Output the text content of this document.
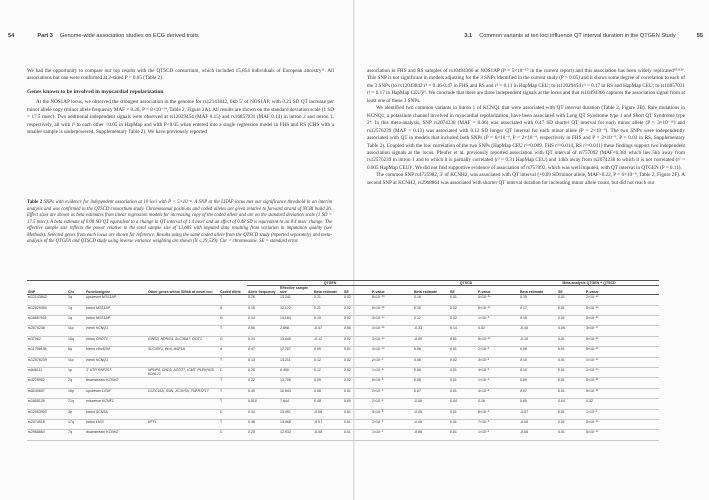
54	Part 3 Genome-wide association studies on ECG derived traits

We had the opportunity to compare our top results with the QTSCD consortium, which included 15,854 individuals of European ancestry¹¹. All associations but one were confirmed at 2-sided P < 0.05 (Table 2).

Genes known to be involved in myocardial repolarization

At the NOS1AP locus, we observed the strongest association in the genome for rs12143842, 6kb 5′ of NOS1AP, with 0.21 SD QT increase per minor allele copy (minor allele frequency MAF = 0.26, P = 8×10⁻¹⁹, Table 2, Figure 2A). All results are shown on the standard deviation scale (1 SD = 17.5 msec). Two additional independent signals were observed at rs12029454 (MAF 0.15) and rs16857031 (MAF 0.14) in intron 2 and intron 1, respectively, all with r² to each other <0.05 in HapMap and with P<0.05 when entered into a single regression model in FHS and RS (CHS with a smaller sample is underpowered, Supplementary Table 2). We have previously reported

Table 2 SNPs with evidence for independent association at 10 loci with P < 5×10⁻⁸. A SNP at the LITAF locus met our significance threshold in an interim analysis and was confirmed in the QTSCD consortium study. Chromosomal positions and coded alleles are given relative to forward strand of NCBI build 36. Effect sizes are shown as beta estimates from linear regression models for increasing copy of the coded allele and are on the standard deviation scale (1 SD = 17.5 msec). A beta estimate of 0.08 SD QT equivalent to a change in QT interval of 1.4 msec and an effect of 0.48 SD is equivalent to an 8.4 msec change. The effective sample size reflects the power relative to the total sample size of 13,685 with imputed data resulting from variation in imputation quality (see Methods). Selected genes from each locus are shown for reference. Results using the same coded allele from the QTSCD study (reported separately) and meta-analysis of the QTGEN and QTSCD study using inverse variance weighting are shown (N ≤ 29,539). Chr = chromosome. SE = standard error.
3.1 Common variants at ten loci influence QT interval duration in the QTGEN Study	55

association in FHS and RS samples of rs10494366 at NOS1AP (P = 5×10⁻¹⁰ in the current report) and this association has been widely replicated¹⁰²¹²⁶. This SNP is not significant in models adjusting for the 3 SNPs identified in the current study (P > 0.05) and it shows some degree of correlation to each of the 3 SNPs (to rs12043842 r² = 0.46-0.47 in FHS and RS and r² = 0.11 in HapMap CEU; to rs12029454 r² = 0.17 in RS and HapMap CEU; to rs16857031 r² = 0.17 in HapMap CEU)²⁶. We conclude that there are three independent signals at the locus and that rs10494366 captures the association signal from at least one of these 3 SNPs.

We identified two common variants in intron 1 of KCNQ1 that were associated with QT interval duration (Table 2, Figure 2B). Rare mutations in KCNQ1, a potassium channel involved in myocardial repolarization, have been associated with Long QT Syndrome type 1 and Short QT Syndrome type 2⁴. In this meta-analysis, SNP rs2074238 (MAF = 0.06) was associated with 0.47 SD shorter QT interval for each minor allele (P = 3×10⁻¹⁶) and rs12576239 (MAF = 0.13) was associated with 0.12 SD longer QT interval for each minor allele (P = 2×10⁻⁹). The two SNPs were independently associated with QT in models that included both SNPs (P = 6×10⁻⁸, P = 2×10⁻⁴, respectively in FHS and P = 3×10⁻⁹, P = 0.03 in RS, Supplementary Table 2). Coupled with the low correlation of the two SNPs (HapMap CEU r²=0.009, FHS r²=0.014, RS r²=0.011) these findings support two independent association signals at the locus. Pfeufer et al. previously reported association with QT interval of rs757092 (MAF=0.38) which lies 5kb away from rs12576239 in intron 1 and to which it is partially correlated (r² = 0.31 HapMap CEU) and 14kb away from rs2074238 to which it is not correlated (r² = 0.005 HapMap CEU)¹. We did not find supportive evidence of association of rs757092, which was well imputed, with QT interval in QTGEN (P = 0.11).

The common SNP rs4725982, 3′ of KCNH2, was associated with QT interval (+0.09 SD/minor allele, MAF=0.22, P = 6×10⁻⁸, Table 2, Figure 2F). A second SNP at KCNH2, rs2968864 was associated with shorter QT interval duration for increasing minor allele count, but did not reach our

					QTGEN					QTSCD			Meta-analysis QTGEN + QTSCD		
SNP	Chr	Function/gene	Other genes within 500kb at novel loci	Coded allele	Allele frequency	Effective sample size	Beta estimate	SE	P-value	Beta estimate	SE	P-value	Beta estimate	SE	P-value
rs12143842	1q	upstream NOS1AP		T	0.26	13,241	0.21	0.02	8×10⁻¹⁹	0.16	0.01	5×10⁻³⁴	0.15	0.01	2×10⁻⁴¹
rs12029454	1q	intron NOS1AP		A	0.15	12,172	0.21	0.02	6×10⁻¹⁵	0.15	0.02	5×10⁻¹⁰	0.17	0.01	5×10⁻²⁴
rs16857031	1q	intron NOS1AP		G	0.14	13,164	0.19	0.02	3×10⁻¹⁰	0.12	0.02	1×10⁻⁶	0.15	0.01	5×10⁻²⁰
rs2074238	11p	intron KCNQ1		T	0.06	2,898	-0.47	0.06	3×10⁻¹⁶	-0.33	0.14	0.02	-0.45	0.05	3×10⁻¹⁷
rs37062	16q	intron CNOT1	GINS3, NDRG4, SLC38A7, GOT2	G	0.24	13,440	-0.12	0.02	3×10⁻¹⁰	-0.09	0.01	5×10⁻¹⁰	-0.10	0.01	5×10⁻²⁰
rs11756438	6q	intron c6orf204	SLC35F1, PLN, ASF1A	A	0.47	12,707	0.09	0.01	4×10⁻¹⁰	0.06	0.01	2×10⁻⁶	0.08	0.01	5×10⁻¹⁶
rs12576239	11p	intron KCNQ1		T	0.13	13,211	0.12	0.02	2×10⁻⁹	0.06	0.02	3×10⁻³	0.10	0.01	1×10⁻¹⁰
rs846111	1p	3′ UTR RNF207	NPHP4, CHD5, ACOT7, ICMT, PLEKHG5, KLHL21	C	0.28	8,490	0.12	0.02	1×10⁻⁸	0.06	0.01	4×10⁻⁶	0.10	0.01	1×10⁻¹⁰
rs4725982	7q	downstream KCNH2		T	0.22	13,706	0.09	0.02	6×10⁻⁸	0.06	0.01	1×10⁻⁵	0.09	0.01	5×10⁻¹³
rs8049607	16p	upstream LITAF	CLEC16A, SNN, ZC3H7A, TNFRSF17	T	0.49	10,543	0.08	0.01	2×10⁻⁶	0.07	0.01	4×10⁻⁸	0.07	0.01	5×10⁻¹³
rs1805128	21q	missense KCNE1		T	0.010	7,644	0.48	0.09	2×10⁻⁸	-0.06	0.04	0.16	0.05	0.04	0.32
rs12053903	3p	intron SCN5A		C	0.34	13,491	-0.06	0.01	3×10⁻⁵	-0.06	0.01	6×10⁻⁶	-0.07	0.01	1×10⁻⁹
rs2074518	17q	intron LIG3	RFFL	T	0.46	13,468	-0.07	0.01	2×10⁻⁶	-0.06	0.01	7×10⁻⁶	-0.06	0.01	5×10⁻¹⁰
rs2968864	7q	downstream KCNH2		C	0.25	12,932	-0.08	0.01	1×10⁻⁶	-0.06	0.01	1×10⁻⁵	-0.08	0.01	5×10⁻¹⁰
